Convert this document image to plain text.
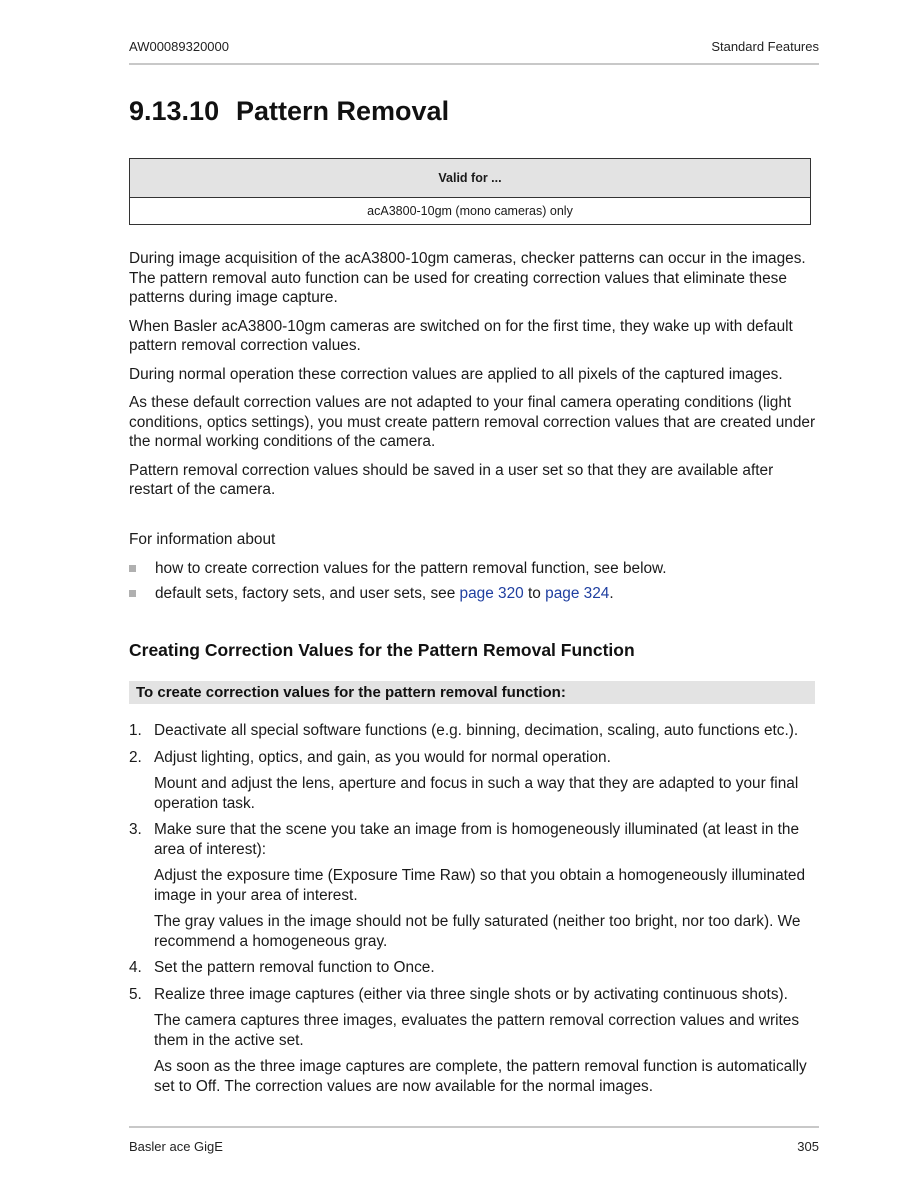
AW00089320000	Standard Features
9.13.10 Pattern Removal
Valid for ...
acA3800-10gm (mono cameras) only

During image acquisition of the acA3800-10gm cameras, checker patterns can occur in the images. The pattern removal auto function can be used for creating correction values that eliminate these patterns during image capture.

When Basler acA3800-10gm cameras are switched on for the first time, they wake up with default pattern removal correction values.

During normal operation these correction values are applied to all pixels of the captured images.

As these default correction values are not adapted to your final camera operating conditions (light conditions, optics settings), you must create pattern removal correction values that are created under the normal working conditions of the camera.

Pattern removal correction values should be saved in a user set so that they are available after restart of the camera.

For information about

how to create correction values for the pattern removal function, see below.
default sets, factory sets, and user sets, see page 320 to page 324.
Creating Correction Values for the Pattern Removal Function
To create correction values for the pattern removal function:
1. Deactivate all special software functions (e.g. binning, decimation, scaling, auto functions etc.).

2. Adjust lighting, optics, and gain, as you would for normal operation.

Mount and adjust the lens, aperture and focus in such a way that they are adapted to your final operation task.

3. Make sure that the scene you take an image from is homogeneously illuminated (at least in the area of interest):

Adjust the exposure time (Exposure Time Raw) so that you obtain a homogeneously illuminated image in your area of interest.

The gray values in the image should not be fully saturated (neither too bright, nor too dark). We recommend a homogeneous gray.

4. Set the pattern removal function to Once.

5. Realize three image captures (either via three single shots or by activating continuous shots).

The camera captures three images, evaluates the pattern removal correction values and writes them in the active set.

As soon as the three image captures are complete, the pattern removal function is automatically set to Off. The correction values are now available for the normal images.

Basler ace GigE	305
